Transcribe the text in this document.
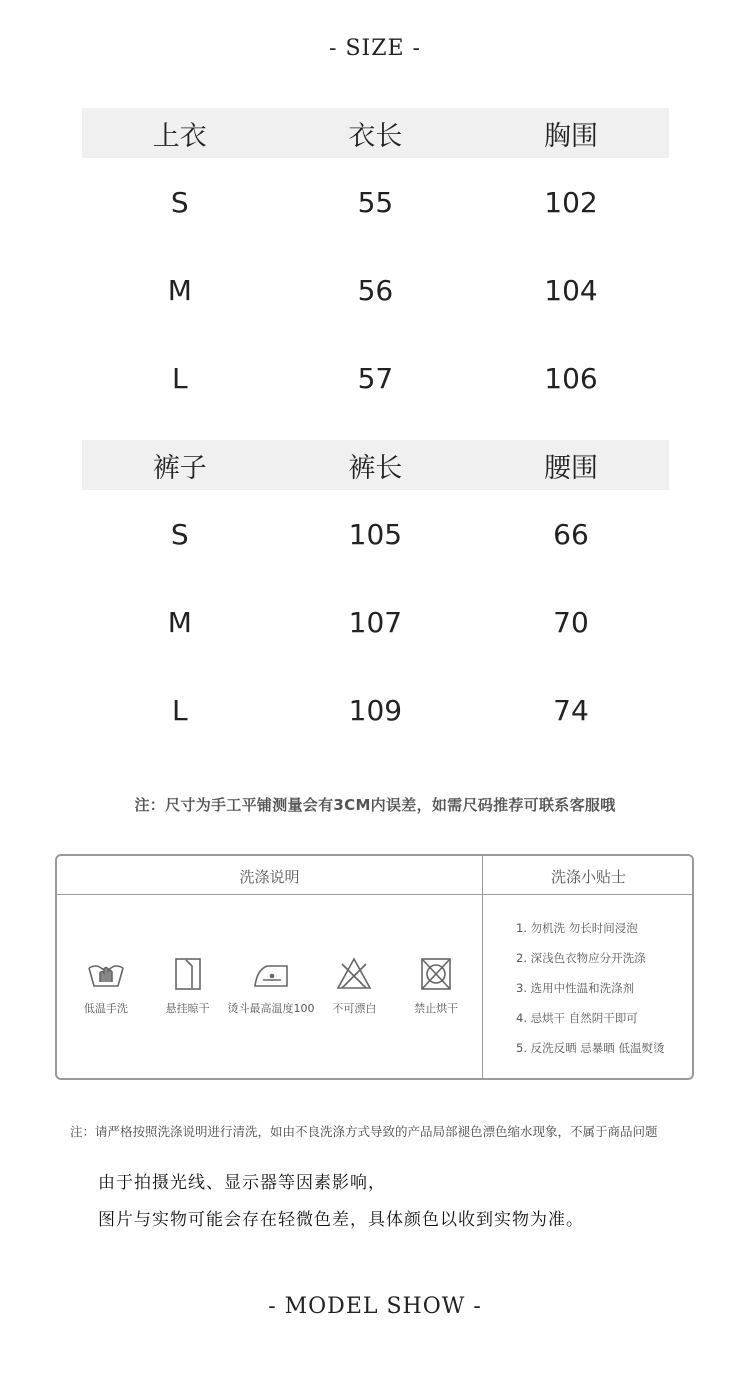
- SIZE -
上衣	衣长	胸围
S	55	102
M	56	104
L	57	106
裤子	裤长	腰围
S	105	66
M	107	70
L	109	74
注：尺寸为手工平铺测量会有3CM内误差，如需尺码推荐可联系客服哦
洗涤说明	洗涤小贴士
低温手洗	悬挂晾干 烫斗最高温度100 不可漂白	禁止烘干
1. 勿机洗 勿长时间浸泡
2. 深浅色衣物应分开洗涤
3. 选用中性温和洗涤剂
4. 忌烘干 自然阴干即可
5. 反洗反晒 忌暴晒 低温熨烫
注：请严格按照洗涤说明进行清洗，如由不良洗涤方式导致的产品局部褪色漂色缩水现象，不属于商品问题
由于拍摄光线、显示器等因素影响，
图片与实物可能会存在轻微色差，具体颜色以收到实物为准。
- MODEL SHOW -
